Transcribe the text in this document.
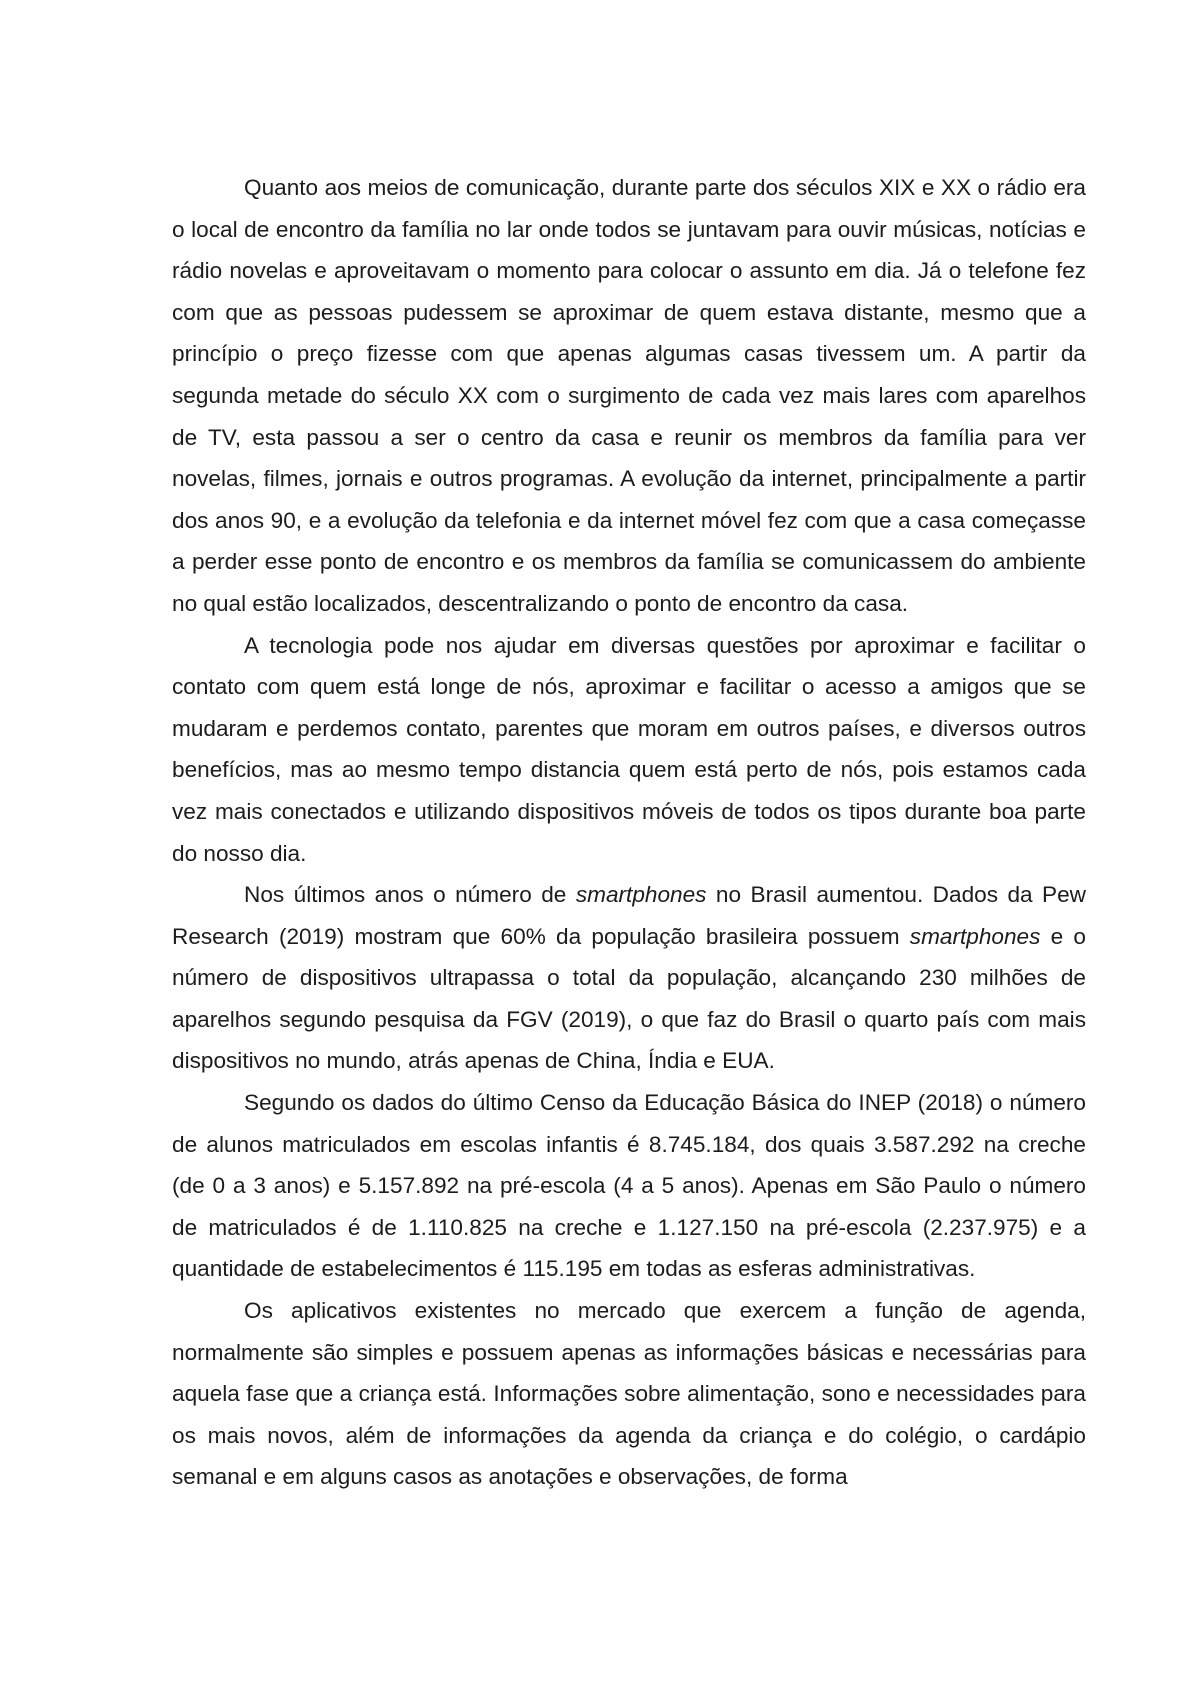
Quanto aos meios de comunicação, durante parte dos séculos XIX e XX o rádio era o local de encontro da família no lar onde todos se juntavam para ouvir músicas, notícias e rádio novelas e aproveitavam o momento para colocar o assunto em dia. Já o telefone fez com que as pessoas pudessem se aproximar de quem estava distante, mesmo que a princípio o preço fizesse com que apenas algumas casas tivessem um. A partir da segunda metade do século XX com o surgimento de cada vez mais lares com aparelhos de TV, esta passou a ser o centro da casa e reunir os membros da família para ver novelas, filmes, jornais e outros programas. A evolução da internet, principalmente a partir dos anos 90, e a evolução da telefonia e da internet móvel fez com que a casa começasse a perder esse ponto de encontro e os membros da família se comunicassem do ambiente no qual estão localizados, descentralizando o ponto de encontro da casa.

A tecnologia pode nos ajudar em diversas questões por aproximar e facilitar o contato com quem está longe de nós, aproximar e facilitar o acesso a amigos que se mudaram e perdemos contato, parentes que moram em outros países, e diversos outros benefícios, mas ao mesmo tempo distancia quem está perto de nós, pois estamos cada vez mais conectados e utilizando dispositivos móveis de todos os tipos durante boa parte do nosso dia.

Nos últimos anos o número de smartphones no Brasil aumentou. Dados da Pew Research (2019) mostram que 60% da população brasileira possuem smartphones e o número de dispositivos ultrapassa o total da população, alcançando 230 milhões de aparelhos segundo pesquisa da FGV (2019), o que faz do Brasil o quarto país com mais dispositivos no mundo, atrás apenas de China, Índia e EUA.

Segundo os dados do último Censo da Educação Básica do INEP (2018) o número de alunos matriculados em escolas infantis é 8.745.184, dos quais 3.587.292 na creche (de 0 a 3 anos) e 5.157.892 na pré-escola (4 a 5 anos). Apenas em São Paulo o número de matriculados é de 1.110.825 na creche e 1.127.150 na pré-escola (2.237.975) e a quantidade de estabelecimentos é 115.195 em todas as esferas administrativas.

Os aplicativos existentes no mercado que exercem a função de agenda, normalmente são simples e possuem apenas as informações básicas e necessárias para aquela fase que a criança está. Informações sobre alimentação, sono e necessidades para os mais novos, além de informações da agenda da criança e do colégio, o cardápio semanal e em alguns casos as anotações e observações, de forma
